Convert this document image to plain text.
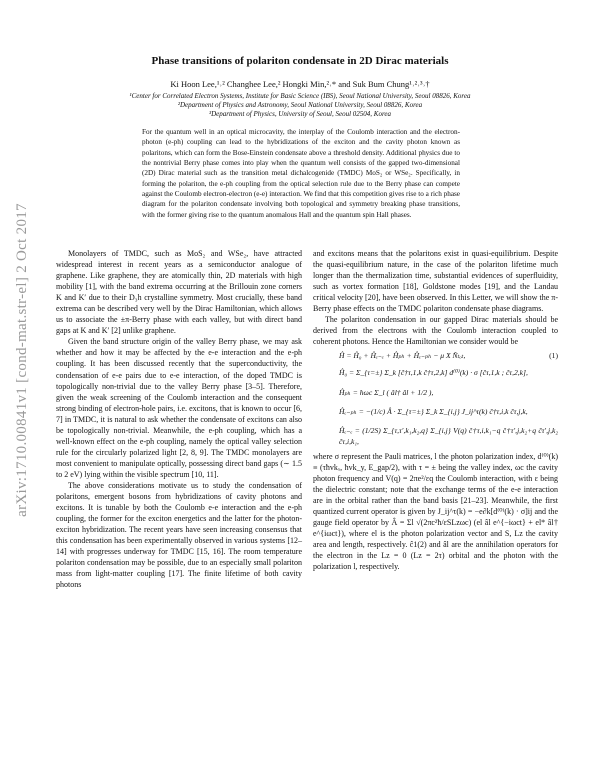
arXiv:1710.00841v1 [cond-mat.str-el] 2 Oct 2017
Phase transitions of polariton condensate in 2D Dirac materials
Ki Hoon Lee,¹˒² Changhee Lee,² Hongki Min,²˒* and Suk Bum Chung¹˒²˒³˒†
¹Center for Correlated Electron Systems, Institute for Basic Science (IBS), Seoul National University, Seoul 08826, Korea
²Department of Physics and Astronomy, Seoul National University, Seoul 08826, Korea
³Department of Physics, University of Seoul, Seoul 02504, Korea
For the quantum well in an optical microcavity, the interplay of the Coulomb interaction and the electron-photon (e-ph) coupling can lead to the hybridizations of the exciton and the cavity photon known as polaritons, which can form the Bose-Einstein condensate above a threshold density. Additional physics due to the nontrivial Berry phase comes into play when the quantum well consists of the gapped two-dimensional (2D) Dirac material such as the transition metal dichalcogenide (TMDC) MoS₂ or WSe₂. Specifically, in forming the polariton, the e-ph coupling from the optical selection rule due to the Berry phase can compete against the Coulomb electron-electron (e-e) interaction. We find that this competition gives rise to a rich phase diagram for the polariton condensate involving both topological and symmetry breaking phase transitions, with the former giving rise to the quantum anomalous Hall and the quantum spin Hall phases.

Monolayers of TMDC, such as MoS₂ and WSe₂, have attracted widespread interest in recent years as a semiconductor analogue of graphene. Like graphene, they are atomically thin, 2D materials with high mobility [1], with the band extrema occurring at the Brillouin zone corners K and K′ due to their D₃h crystalline symmetry. Most crucially, these band extrema can be described very well by the Dirac Hamiltonian, which allows us to associate the ±π-Berry phase with each valley, but with direct band gaps at K and K′ [2] unlike graphene.

Given the band structure origin of the valley Berry phase, we may ask whether and how it may be affected by the e-e interaction and the e-ph coupling. It has been discussed recently that the superconductivity, the condensation of e-e pairs due to e-e interaction, of the doped TMDC is topologically non-trivial due to the valley Berry phase [3–5]. Therefore, given the weak screening of the Coulomb interaction and the consequent strong binding of electron-hole pairs, i.e. excitons, that is known to occur [6, 7] in TMDC, it is natural to ask whether the condensate of excitons can also be topologically non-trivial. Meanwhile, the e-ph coupling, which has a well-known effect on the e-ph coupling, namely the optical valley selection rule for the circularly polarized light [2, 8, 9]. The TMDC monolayers are most convenient to manipulate optically, possessing direct band gaps (∼ 1.5 to 2 eV) lying within the visible spectrum [10, 11].

The above considerations motivate us to study the condensation of polaritons, emergent bosons from hybridizations of cavity photons and excitons. It is tunable by both the Coulomb e-e interaction and the e-ph coupling, the former for the exciton energetics and the latter for the photon-exciton hybridization. The recent years have seen increasing consensus that this condensation has been experimentally observed in various systems [12–14] with progresses underway for TMDC [15, 16]. The room temperature polariton condensation may be possible, due to an especially small polariton mass from light-matter coupling [17]. The finite lifetime of both cavity photons

and excitons means that the polaritons exist in quasi-equilibrium. Despite the quasi-equilibrium nature, in the case of the polariton lifetime much longer than the thermalization time, substantial evidences of superfluidity, such as vortex formation [18], Goldstone modes [19], and the Landau critical velocity [20], have been observed. In this Letter, we will show the π-Berry phase effects on the TMDC polariton condensate phase diagrams.

The polariton condensation in our gapped Dirac materials should be derived from the electrons with the Coulomb interaction coupled to coherent photons. Hence the Hamiltonian we consider would be

Ĥ = Ĥ₀ + Ĥₑ₋ₑ + Ĥₚₕ + Ĥₑ₋ₚₕ − μ X N̂ₜₒₜ,	(1)
Ĥ₀ = Σ_{τ=±} Σ_k [ĉ†τ,1,k ĉ†τ,2,k] d⁽⁰⁾(k) · σ [ĉτ,1,k ; ĉτ,2,k],
Ĥₚₕ = ħωc Σ_l ( âl† âl + 1/2 ),
Ĥₑ₋ₚₕ = −(1/c) Â · Σ_{τ=±} Σ_k Σ_{i,j} J_ij^τ(k) ĉ†τ,i,k ĉτ,j,k,
Ĥₑ₋ₑ = (1/2S) Σ_{τ,τ′,k₁,k₂,q} Σ_{i,j} V(q) ĉ†τ,i,k₁−q ĉ†τ′,j,k₂+q ĉτ′,j,k₂ ĉτ,i,k₁,

where σ represent the Pauli matrices, l the photon polarization index, d⁽⁰⁾(k) ≡ (τħvkₓ, ħvk_y, E_gap/2), with τ = ± being the valley index, ωc the cavity photon frequency and V(q) = 2πe²/εq the Coulomb interaction, with ε being the dielectric constant; note that the exchange terms of the e-e interaction are in the orbital rather than the band basis [21–23]. Meanwhile, the first quantized current operator is given by J_ij^τ(k) = −e∂k[d⁽⁰⁾(k) · σ]ij and the gauge field operator by Â = Σl √(2πc²ħ/εSLzωc) (el âl e^{−iωct} + el* âl† e^{iωct}), where el is the photon polarization vector and S, Lz the cavity area and length, respectively. ĉ1(2) and âl are the annihilation operators for the electron in the Lz = 0 (Lz = 2τ) orbital and the photon with the polarization l, respectively.
